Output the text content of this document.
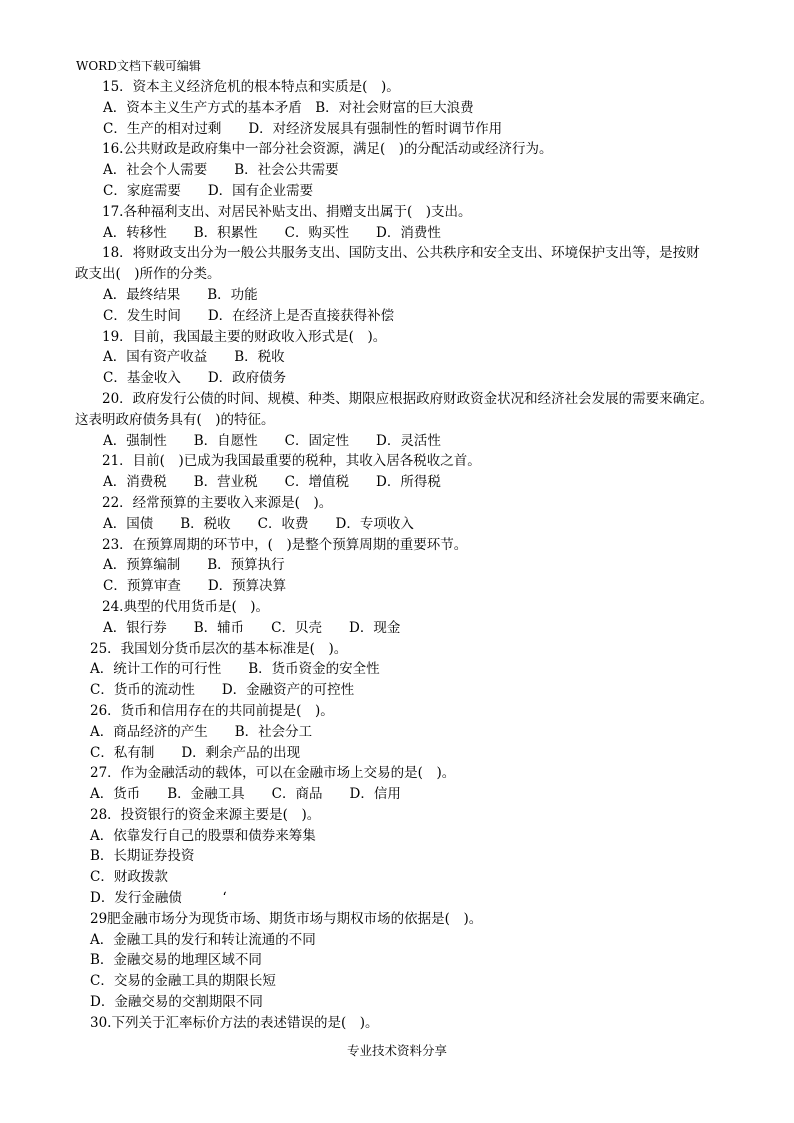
WORD文档下载可编辑
15．资本主义经济危机的根本特点和实质是(　)。
A．资本主义生产方式的基本矛盾　B．对社会财富的巨大浪费
C．生产的相对过剩　　D．对经济发展具有强制性的暂时调节作用
16.公共财政是政府集中一部分社会资源，满足(　)的分配活动或经济行为。
A．社会个人需要　　B．社会公共需要
C．家庭需要　　D．国有企业需要
17.各种福利支出、对居民补贴支出、捐赠支出属于(　)支出。
A．转移性　　B．积累性　　C．购买性　　D．消费性
18．将财政支出分为一般公共服务支出、国防支出、公共秩序和安全支出、环境保护支出等，是按财
政支出(　)所作的分类。
A．最终结果　　B．功能
C．发生时间　　D．在经济上是否直接获得补偿
19．目前，我国最主要的财政收入形式是(　)。
A．国有资产收益　　B．税收
C．基金收入　　D．政府债务
20．政府发行公债的时间、规模、种类、期限应根据政府财政资金状况和经济社会发展的需要来确定。
这表明政府债务具有(　)的特征。
A．强制性　　B．自愿性　　C．固定性　　D．灵活性
21．目前(　)已成为我国最重要的税种，其收入居各税收之首。
A．消费税　　B．营业税　　C．增值税　　D．所得税
22．经常预算的主要收入来源是(　)。
A．国债　　B．税收　　C．收费　　D．专项收入
23．在预算周期的环节中，(　)是整个预算周期的重要环节。
A．预算编制　　B．预算执行
C．预算审查　　D．预算决算
24.典型的代用货币是(　)。
A．银行券　　B．辅币　　C．贝壳　　D．现金
25．我国划分货币层次的基本标准是(　)。
A．统计工作的可行性　　B．货币资金的安全性
C．货币的流动性　　D．金融资产的可控性
26．货币和信用存在的共同前提是(　)。
A．商品经济的产生　　B．社会分工
C．私有制　　D．剩余产品的出现
27．作为金融活动的载体，可以在金融市场上交易的是(　)。
A．货币　　B．金融工具　　C．商品　　D．信用
28．投资银行的资金来源主要是(　)。
A．依靠发行自己的股票和债券来筹集
B．长期证券投资
C．财政拨款
D．发行金融债　　　‘
29肥金融市场分为现货市场、期货市场与期权市场的依据是(　)。
A．金融工具的发行和转让流通的不同
B．金融交易的地理区域不同
C．交易的金融工具的期限长短
D．金融交易的交割期限不同
30.下列关于汇率标价方法的表述错误的是(　)。
专业技术资料分享
